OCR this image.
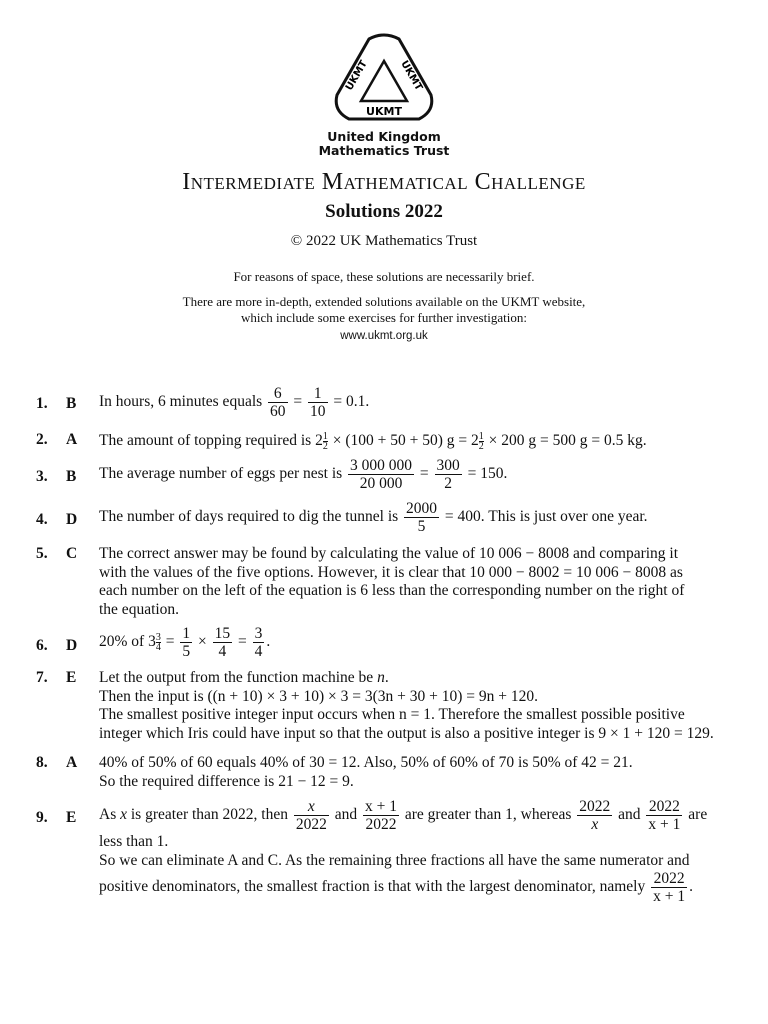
UKMT	UKMT
UKMT
United Kingdom
Mathematics Trust
Intermediate Mathematical Challenge
Solutions 2022
© 2022 UK Mathematics Trust
For reasons of space, these solutions are necessarily brief.
There are more in-depth, extended solutions available on the UKMT website,
which include some exercises for further investigation:
www.ukmt.org.uk
1. B In hours, 6 minutes equals $\frac{6}{60} = \frac{1}{10} = 0.1$.
2. A The amount of topping required is $2 \frac{1}{2} \times (100 + 50 + 50) g = 2 \frac{1}{2} \times 200$ g = 500 g = 0.5 kg.
3. B The average number of eggs per nest is $\frac{3 000 000}{20 000} = \frac{300}{2} = 150$.
4. D The number of days required to dig the tunnel is $\frac{2000}{5} = 400$. This is just over one year.
5. C The correct answer may be found by calculating the value of 10 006 − 8008 and comparing it
with the values of the five options. However, it is clear that 10 000 − 8002 = 10 006 − 8008 as
each number on the left of the equation is 6 less than the corresponding number on the right of
the equation.
6. D 20% of $3 \frac{3}{4} = \frac{1}{5} \times \frac{15}{4} = \frac{3}{4}$ .
7. E Let the output from the function machine be n.
Then the input is ((n + 10) × 3 + 10) × 3 = 3(3n + 30 + 10) = 9n + 120.
The smallest positive integer input occurs when n = 1. Therefore the smallest possible positive
integer which Iris could have input so that the output is also a positive integer is 9 × 1 + 120 = 129.
8. A 40% of 50% of 60 equals 40% of 30 = 12. Also, 50% of 60% of 70 is 50% of 42 = 21.
So the required difference is 21 − 12 = 9.
9. E As x is greater than 2022, then $\frac{x}{2022}$ and $\frac{x + 1}{2022}$ are greater than 1, whereas $\frac{2022}{x}$ and $\frac{2022}{x + 1}$ are
less than 1.
So we can eliminate A and C. As the remaining three fractions all have the same numerator and
positive denominators, the smallest fraction is that with the largest denominator, namely $\frac{2022}{x + 1}$ .
